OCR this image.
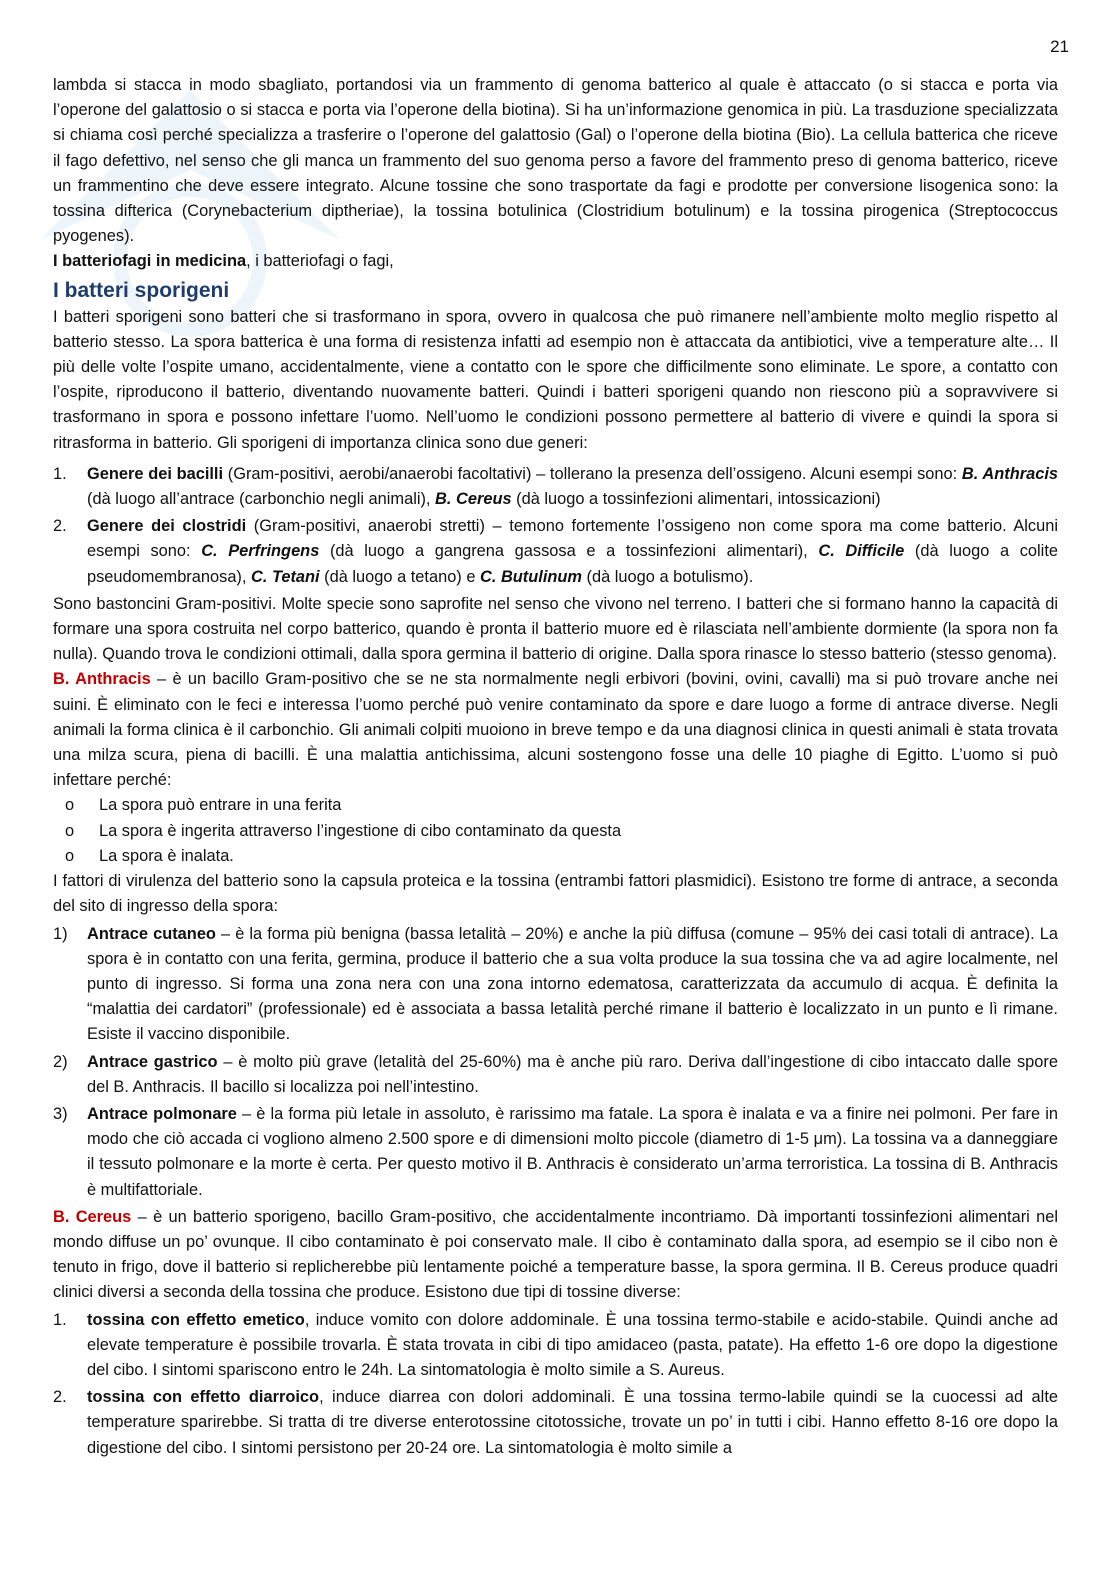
21

lambda si stacca in modo sbagliato, portandosi via un frammento di genoma batterico al quale è attaccato (o si stacca e porta via l’operone del galattosio o si stacca e porta via l’operone della biotina). Si ha un’informazione genomica in più. La trasduzione specializzata si chiama così perché specializza a trasferire o l’operone del galattosio (Gal) o l’operone della biotina (Bio). La cellula batterica che riceve il fago defettivo, nel senso che gli manca un frammento del suo genoma perso a favore del frammento preso di genoma batterico, riceve un frammentino che deve essere integrato. Alcune tossine che sono trasportate da fagi e prodotte per conversione lisogenica sono: la tossina difterica (Corynebacterium diptheriae), la tossina botulinica (Clostridium botulinum) e la tossina pirogenica (Streptococcus pyogenes).

I batteriofagi in medicina, i batteriofagi o fagi,

I batteri sporigeni

I batteri sporigeni sono batteri che si trasformano in spora, ovvero in qualcosa che può rimanere nell’ambiente molto meglio rispetto al batterio stesso. La spora batterica è una forma di resistenza infatti ad esempio non è attaccata da antibiotici, vive a temperature alte… Il più delle volte l’ospite umano, accidentalmente, viene a contatto con le spore che difficilmente sono eliminate. Le spore, a contatto con l’ospite, riproducono il batterio, diventando nuovamente batteri. Quindi i batteri sporigeni quando non riescono più a sopravvivere si trasformano in spora e possono infettare l’uomo. Nell’uomo le condizioni possono permettere al batterio di vivere e quindi la spora si ritrasforma in batterio. Gli sporigeni di importanza clinica sono due generi:

1. Genere dei bacilli (Gram-positivi, aerobi/anaerobi facoltativi) – tollerano la presenza dell’ossigeno. Alcuni esempi sono: B. Anthracis (dà luogo all’antrace (carbonchio negli animali), B. Cereus (dà luogo a tossinfezioni alimentari, intossicazioni)
2. Genere dei clostridi (Gram-positivi, anaerobi stretti) – temono fortemente l’ossigeno non come spora ma come batterio. Alcuni esempi sono: C. Perfringens (dà luogo a gangrena gassosa e a tossinfezioni alimentari), C. Difficile (dà luogo a colite pseudomembranosa), C. Tetani (dà luogo a tetano) e C. Butulinum (dà luogo a botulismo).

Sono bastoncini Gram-positivi. Molte specie sono saprofite nel senso che vivono nel terreno. I batteri che si formano hanno la capacità di formare una spora costruita nel corpo batterico, quando è pronta il batterio muore ed è rilasciata nell’ambiente dormiente (la spora non fa nulla). Quando trova le condizioni ottimali, dalla spora germina il batterio di origine. Dalla spora rinasce lo stesso batterio (stesso genoma).

B. Anthracis – è un bacillo Gram-positivo che se ne sta normalmente negli erbivori (bovini, ovini, cavalli) ma si può trovare anche nei suini. È eliminato con le feci e interessa l’uomo perché può venire contaminato da spore e dare luogo a forme di antrace diverse. Negli animali la forma clinica è il carbonchio. Gli animali colpiti muoiono in breve tempo e da una diagnosi clinica in questi animali è stata trovata una milza scura, piena di bacilli. È una malattia antichissima, alcuni sostengono fosse una delle 10 piaghe di Egitto. L’uomo si può infettare perché:

o La spora può entrare in una ferita
o La spora è ingerita attraverso l’ingestione di cibo contaminato da questa
o La spora è inalata.

I fattori di virulenza del batterio sono la capsula proteica e la tossina (entrambi fattori plasmidici). Esistono tre forme di antrace, a seconda del sito di ingresso della spora:

1) Antrace cutaneo – è la forma più benigna (bassa letalità – 20%) e anche la più diffusa (comune – 95% dei casi totali di antrace). La spora è in contatto con una ferita, germina, produce il batterio che a sua volta produce la sua tossina che va ad agire localmente, nel punto di ingresso. Si forma una zona nera con una zona intorno edematosa, caratterizzata da accumulo di acqua. È definita la “malattia dei cardatori” (professionale) ed è associata a bassa letalità perché rimane il batterio è localizzato in un punto e lì rimane. Esiste il vaccino disponibile.
2) Antrace gastrico – è molto più grave (letalità del 25-60%) ma è anche più raro. Deriva dall’ingestione di cibo intaccato dalle spore del B. Anthracis. Il bacillo si localizza poi nell’intestino.
3) Antrace polmonare – è la forma più letale in assoluto, è rarissimo ma fatale. La spora è inalata e va a finire nei polmoni. Per fare in modo che ciò accada ci vogliono almeno 2.500 spore e di dimensioni molto piccole (diametro di 1-5 μm). La tossina va a danneggiare il tessuto polmonare e la morte è certa. Per questo motivo il B. Anthracis è considerato un’arma terroristica. La tossina di B. Anthracis è multifattoriale.

B. Cereus – è un batterio sporigeno, bacillo Gram-positivo, che accidentalmente incontriamo. Dà importanti tossinfezioni alimentari nel mondo diffuse un po’ ovunque. Il cibo contaminato è poi conservato male. Il cibo è contaminato dalla spora, ad esempio se il cibo non è tenuto in frigo, dove il batterio si replicherebbe più lentamente poiché a temperature basse, la spora germina. Il B. Cereus produce quadri clinici diversi a seconda della tossina che produce. Esistono due tipi di tossine diverse:

1. tossina con effetto emetico, induce vomito con dolore addominale. È una tossina termo-stabile e acido-stabile. Quindi anche ad elevate temperature è possibile trovarla. È stata trovata in cibi di tipo amidaceo (pasta, patate). Ha effetto 1-6 ore dopo la digestione del cibo. I sintomi spariscono entro le 24h. La sintomatologia è molto simile a S. Aureus.
2. tossina con effetto diarroico, induce diarrea con dolori addominali. È una tossina termo-labile quindi se la cuocessi ad alte temperature sparirebbe. Si tratta di tre diverse enterotossine citotossiche, trovate un po’ in tutti i cibi. Hanno effetto 8-16 ore dopo la digestione del cibo. I sintomi persistono per 20-24 ore. La sintomatologia è molto simile a
